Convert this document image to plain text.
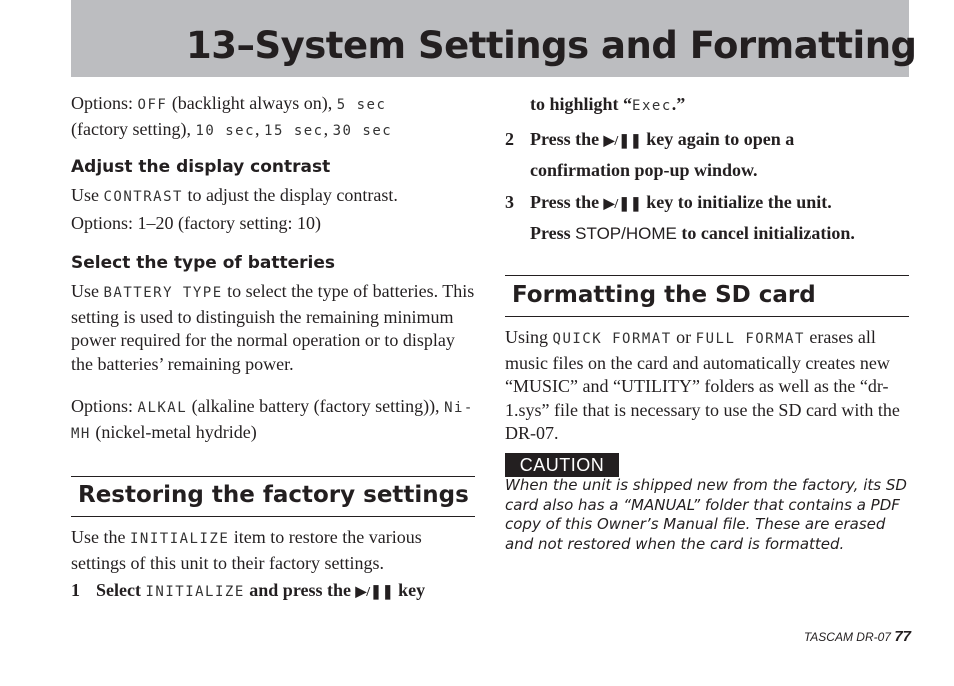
13–System Settings and Formatting
Options: OFF (backlight always on), 5 sec
(factory setting), 10 sec, 15 sec, 30 sec
Adjust the display contrast
Use CONTRAST to adjust the display contrast.
Options: 1–20 (factory setting: 10)
Select the type of batteries
Use BATTERY TYPE to select the type of batteries. This setting is used to distinguish the remaining minimum power required for the normal operation or to display the batteries’ remaining power.
Options: ALKAL (alkaline battery (factory setting)), Ni-MH (nickel-metal hydride)
Restoring the factory settings
Use the INITIALIZE item to restore the various settings of this unit to their factory settings.
1 Select INITIALIZE and press the ▶/❚❚ key
to highlight “Exec.”
2 Press the ▶/❚❚ key again to open a confirmation pop-up window.
3 Press the ▶/❚❚ key to initialize the unit.
Press STOP/HOME to cancel initialization.
Formatting the SD card
Using QUICK FORMAT or FULL FORMAT erases all music files on the card and automatically creates new “MUSIC” and “UTILITY” folders as well as the “dr-1.sys” file that is necessary to use the SD card with the DR-07.
CAUTION
When the unit is shipped new from the factory, its SD card also has a “MANUAL” folder that contains a PDF copy of this Owner’s Manual file. These are erased and not restored when the card is formatted.
TASCAM DR-07 77
